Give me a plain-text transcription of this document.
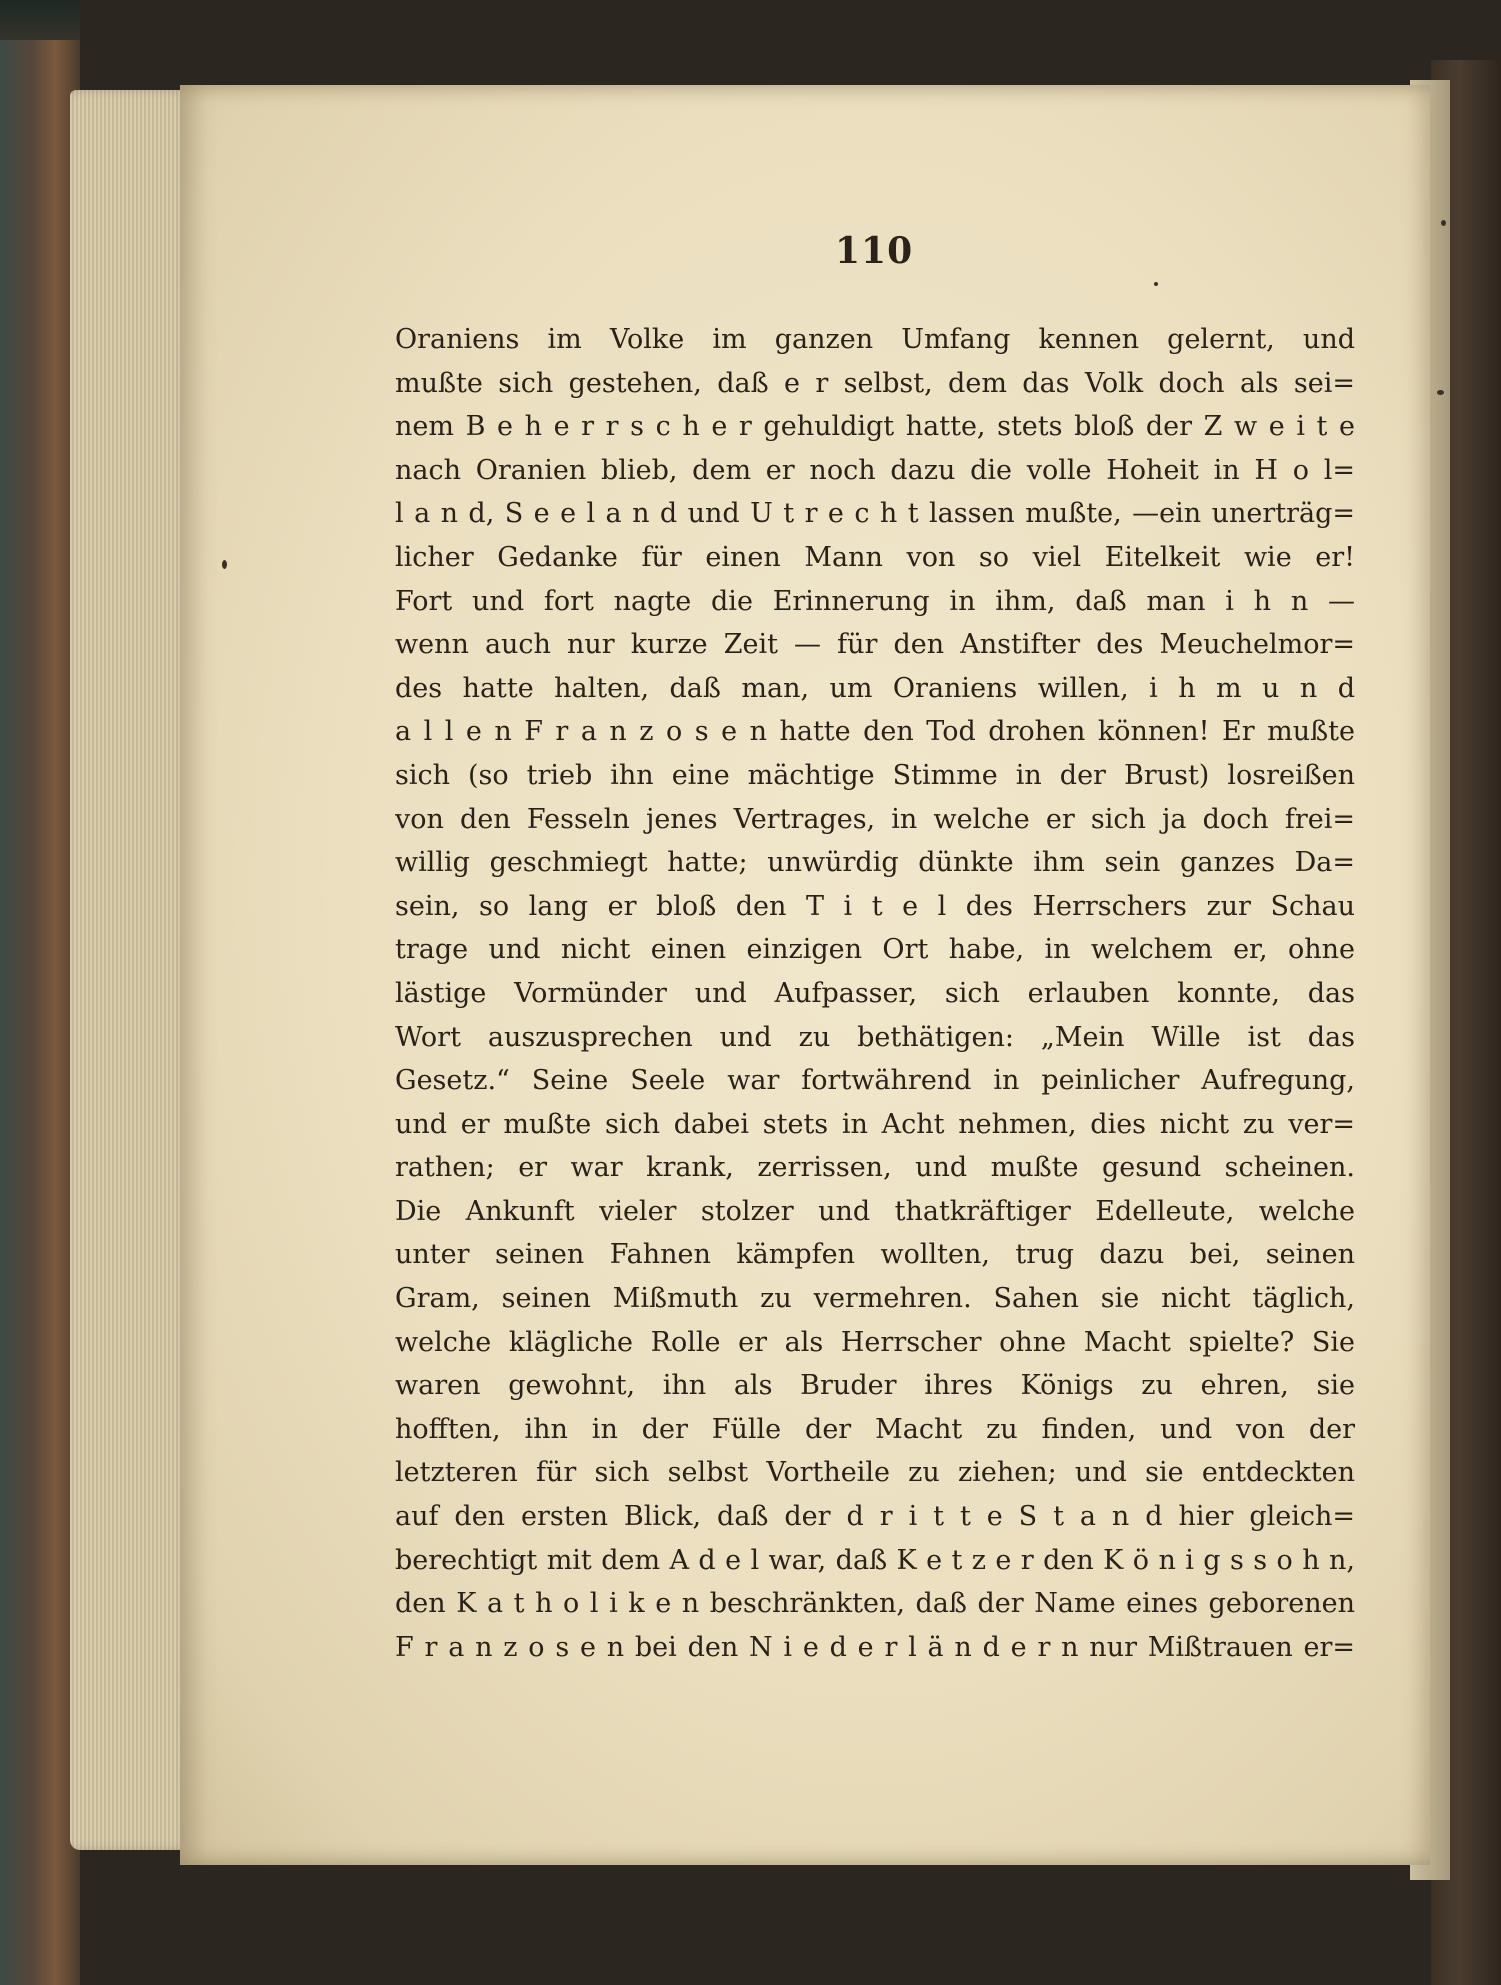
110
Oraniens im Volke im ganzen Umfang kennen gelernt, und
mußte sich gestehen, daß e r selbst, dem das Volk doch als sei=
nem B e h e r r s c h e r gehuldigt hatte, stets bloß der Z w e i t e
nach Oranien blieb, dem er noch dazu die volle Hoheit in H o l=
l a n d, S e e l a n d und U t r e c h t lassen mußte, —ein unerträg=
licher Gedanke für einen Mann von so viel Eitelkeit wie er!
Fort und fort nagte die Erinnerung in ihm, daß man i h n —
wenn auch nur kurze Zeit — für den Anstifter des Meuchelmor=
des hatte halten, daß man, um Oraniens willen, i h m u n d
a l l e n F r a n z o s e n hatte den Tod drohen können! Er mußte
sich (so trieb ihn eine mächtige Stimme in der Brust) losreißen
von den Fesseln jenes Vertrages, in welche er sich ja doch frei=
willig geschmiegt hatte; unwürdig dünkte ihm sein ganzes Da=
sein, so lang er bloß den T i t e l des Herrschers zur Schau
trage und nicht einen einzigen Ort habe, in welchem er, ohne
lästige Vormünder und Aufpasser, sich erlauben konnte, das
Wort auszusprechen und zu bethätigen: „Mein Wille ist das
Gesetz.“ Seine Seele war fortwährend in peinlicher Aufregung,
und er mußte sich dabei stets in Acht nehmen, dies nicht zu ver=
rathen; er war krank, zerrissen, und mußte gesund scheinen.
Die Ankunft vieler stolzer und thatkräftiger Edelleute, welche
unter seinen Fahnen kämpfen wollten, trug dazu bei, seinen
Gram, seinen Mißmuth zu vermehren. Sahen sie nicht täglich,
welche klägliche Rolle er als Herrscher ohne Macht spielte? Sie
waren gewohnt, ihn als Bruder ihres Königs zu ehren, sie
hofften, ihn in der Fülle der Macht zu finden, und von der
letzteren für sich selbst Vortheile zu ziehen; und sie entdeckten
auf den ersten Blick, daß der d r i t t e S t a n d hier gleich=
berechtigt mit dem A d e l war, daß K e t z e r den K ö n i g s s o h n,
den K a t h o l i k e n beschränkten, daß der Name eines geborenen
F r a n z o s e n bei den N i e d e r l ä n d e r n nur Mißtrauen er=
